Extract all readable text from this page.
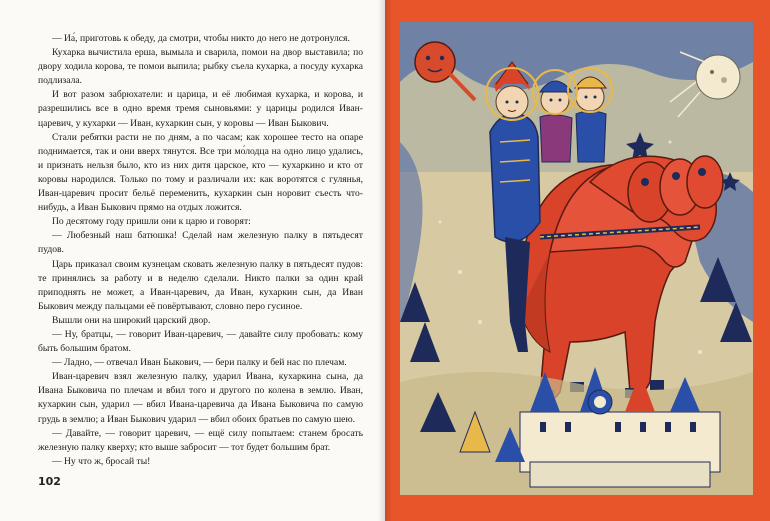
— Иа́, приготовь к обеду, да смотри, чтобы никто до него не дотронулся.

Кухарка вычистила ерша, вымыла и сварила, помои на двор выставила; по двору ходила корова, те помои выпила; рыбку съела кухарка, а посуду кухарка подлизала.

И вот разом забрюхатели: и царица, и её любимая кухарка, и корова, и разрешились все в одно время тремя сыновьями: у царицы родился Иван-царевич, у кухарки — Иван, кухаркин сын, у коровы — Иван Быкович.

Стали ребятки расти не по дням, а по часам; как хорошее тесто на опаре поднимается, так и они вверх тянутся. Все три мо́лодца на одно лицо удались, и признать нельзя было, кто из них дитя царское, кто — кухаркино и кто от коровы народился. Только по тому и различали их: как воротятся с гулянья, Иван-царевич просит бельё переменить, кухаркин сын норовит съесть что-нибудь, а Иван Быкович прямо на отдых ложится.

По десятому году пришли они к царю и говорят:

— Любезный наш батюшка! Сделай нам железную палку в пятьдесят пудов.

Царь приказал своим кузнецам сковать железную палку в пятьдесят пудов: те принялись за работу и в неделю сделали. Никто палки за один край приподнять не может, а Иван-царевич, да Иван, кухаркин сын, да Иван Быкович между пальцами её повёртывают, словно перо гусиное.

Вышли они на широкий царский двор.

— Ну, братцы, — говорит Иван-царевич, — давайте силу пробовать: кому быть большим братом.

— Ладно, — отвечал Иван Быкович, — бери палку и бей нас по плечам.

Иван-царевич взял железную палку, ударил Ивана, кухаркина сына, да Ивана Быковича по плечам и вбил того и другого по колена в землю. Иван, кухаркин сын, ударил — вбил Ивана-царевича да Ивана Быковича по самую грудь в землю; а Иван Быкович ударил — вбил обоих братьев по самую шею.

— Давайте, — говорит царевич, — ещё силу попытаем: станем бросать железную палку кверху; кто выше забросит — тот будет большим брат.

— Ну что ж, бросай ты!

102
